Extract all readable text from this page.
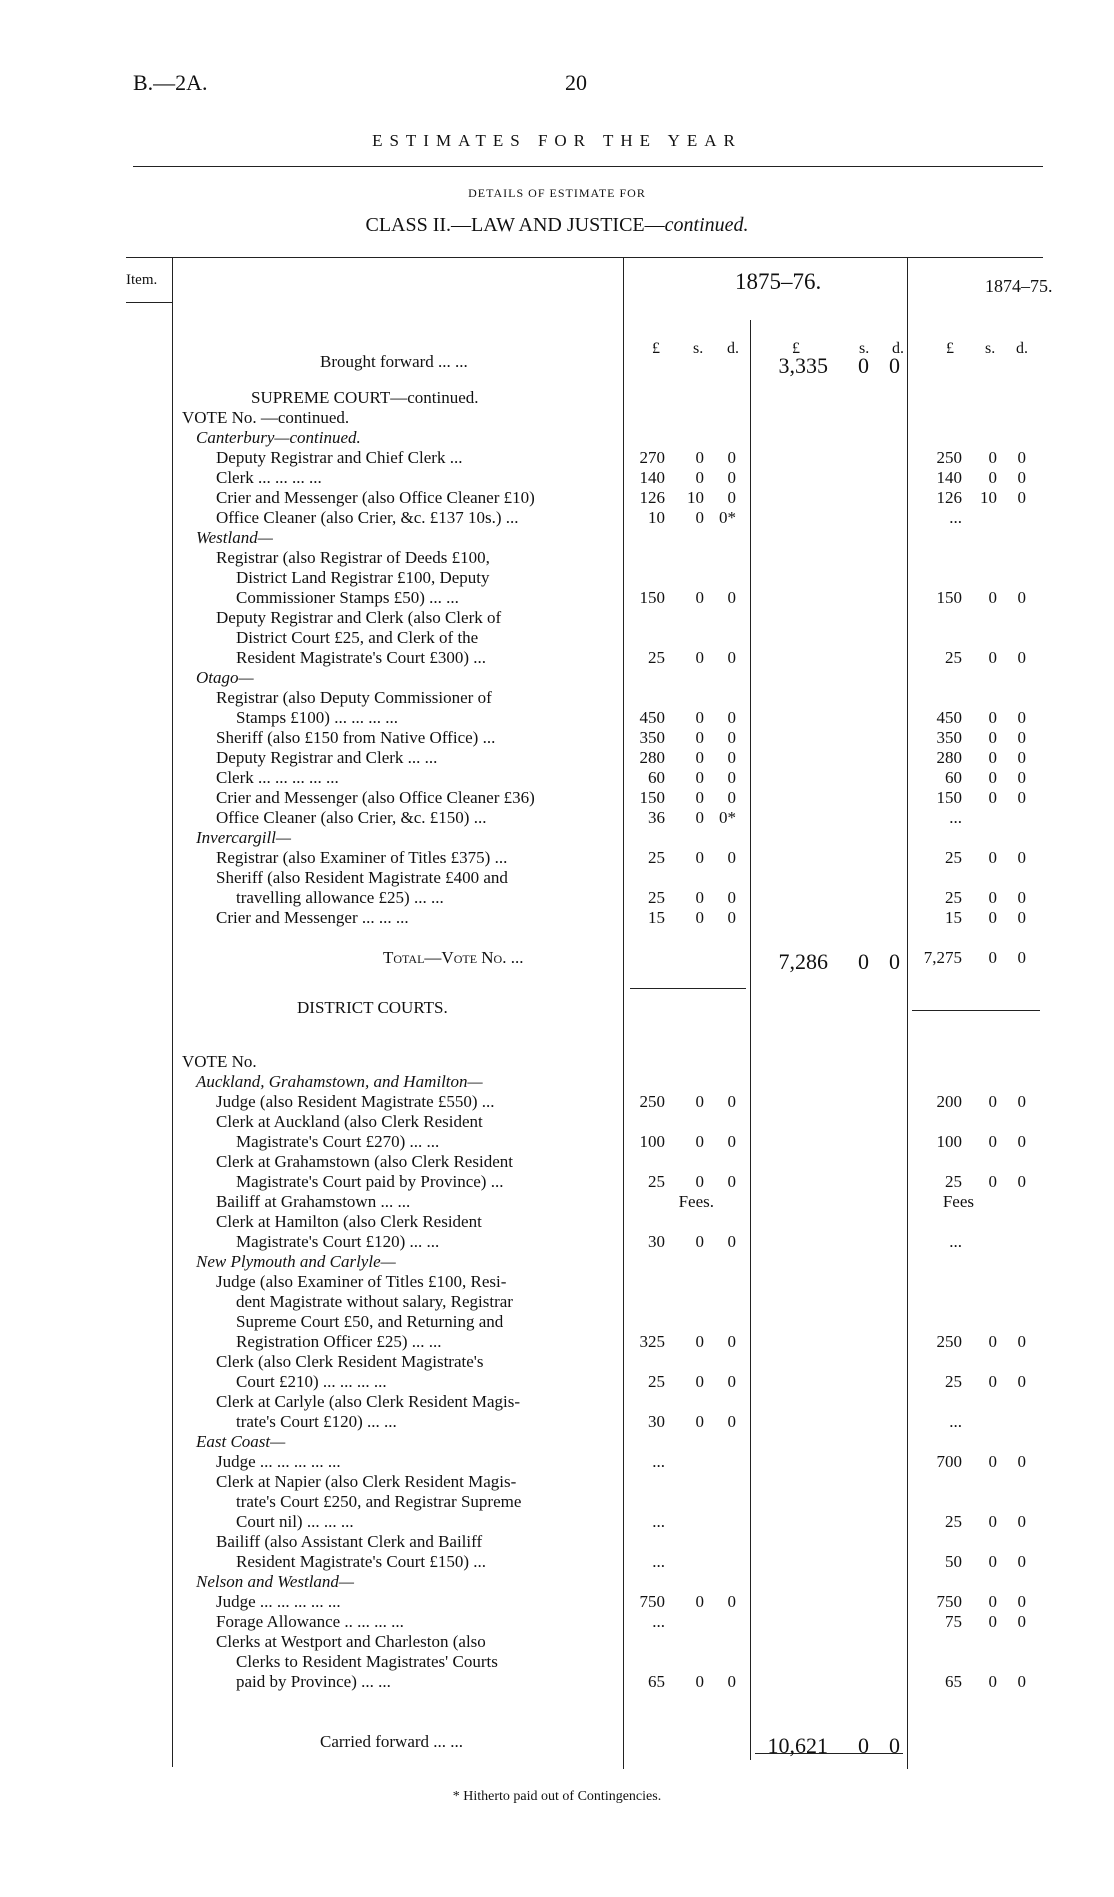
B.—2A.	20
ESTIMATES FOR THE YEAR
DETAILS OF ESTIMATE FOR
CLASS II.—LAW AND JUSTICE—continued.
Item.	1875–76.	1874–75.
£ s. d.	£	s. d.	£ s. d.
Brought forward ... ...	3,335	0 0
SUPREME COURT—continued.
VOTE No. —continued.
Canterbury—continued.
Deputy Registrar and Chief Clerk ...	270	0	0	250	0	0
Clerk ... ... ... ...	140	0	0	140	0	0
Crier and Messenger (also Office Cleaner £10)	126	10	0	126	10	0
Office Cleaner (also Crier, &c. £137 10s.) ...	10	0 0*	...
Westland—
Registrar (also Registrar of Deeds £100,
District Land Registrar £100, Deputy
Commissioner Stamps £50) ... ...	150	0	0	150	0	0
Deputy Registrar and Clerk (also Clerk of
District Court £25, and Clerk of the
Resident Magistrate's Court £300) ...	25	0	0	25	0	0
Otago—
Registrar (also Deputy Commissioner of
Stamps £100) ... ... ... ...	450	0	0	450	0	0
Sheriff (also £150 from Native Office) ...	350	0	0	350	0	0
Deputy Registrar and Clerk ... ...	280	0	0	280	0	0
Clerk ... ... ... ... ...	60	0	0	60	0	0
Crier and Messenger (also Office Cleaner £36)	150	0	0	150	0	0
Office Cleaner (also Crier, &c. £150) ...	36	0 0*	...
Invercargill—
Registrar (also Examiner of Titles £375) ...	25	0	0	25	0	0
Sheriff (also Resident Magistrate £400 and
travelling allowance £25) ... ...	25	0	0	25	0	0
Crier and Messenger ... ... ...	15	0	0	15	0	0
Total—Vote No. ...	7,286	0 0	7,275	0	0
DISTRICT COURTS.
VOTE No.
Auckland, Grahamstown, and Hamilton—
Judge (also Resident Magistrate £550) ...	250	0	0	200	0	0
Clerk at Auckland (also Clerk Resident
Magistrate's Court £270) ... ...	100	0	0	100	0	0
Clerk at Grahamstown (also Clerk Resident
Magistrate's Court paid by Province) ...	25	0	0	25	0	0
Bailiff at Grahamstown ... ...	Fees.	Fees
Clerk at Hamilton (also Clerk Resident
Magistrate's Court £120) ... ...	30	0	0	...
New Plymouth and Carlyle—
Judge (also Examiner of Titles £100, Resi-
dent Magistrate without salary, Registrar
Supreme Court £50, and Returning and
Registration Officer £25) ... ...	325	0	0	250	0	0
Clerk (also Clerk Resident Magistrate's
Court £210) ... ... ... ...	25	0	0	25	0	0
Clerk at Carlyle (also Clerk Resident Magis-
trate's Court £120) ... ...	30	0	0	...
East Coast—
Judge ... ... ... ... ...	...	700	0	0
Clerk at Napier (also Clerk Resident Magis-
trate's Court £250, and Registrar Supreme
Court nil) ... ... ...	...	25	0	0
Bailiff (also Assistant Clerk and Bailiff
Resident Magistrate's Court £150) ...	...	50	0	0
Nelson and Westland—
Judge ... ... ... ... ...	750	0	0	750	0	0
Forage Allowance .. ... ... ...	...	75	0	0
Clerks at Westport and Charleston (also
Clerks to Resident Magistrates' Courts
paid by Province) ... ...	65	0	0	65	0	0
Carried forward ... ...	10,621	0 0
* Hitherto paid out of Contingencies.
